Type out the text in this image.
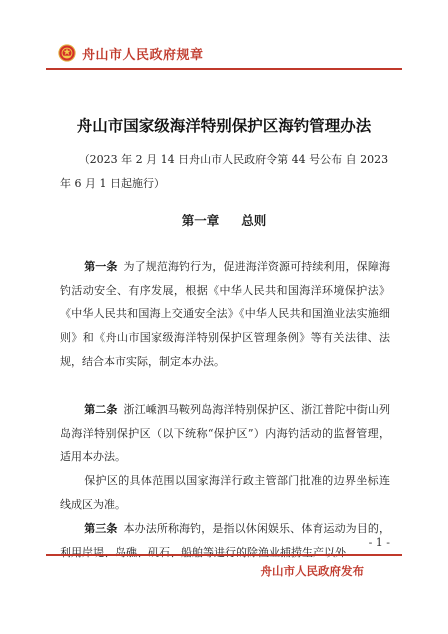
舟山市人民政府规章
舟山市国家级海洋特别保护区海钓管理办法
（2023 年 2 月 14 日舟山市人民政府令第 44 号公布 自 2023 年 6 月 1 日起施行）
第一章 总则
第一条 为了规范海钓行为，促进海洋资源可持续利用，保障海钓活动安全、有序发展，根据《中华人民共和国海洋环境保护法》《中华人民共和国海上交通安全法》《中华人民共和国渔业法实施细则》和《舟山市国家级海洋特别保护区管理条例》等有关法律、法规，结合本市实际，制定本办法。
第二条 浙江嵊泗马鞍列岛海洋特别保护区、浙江普陀中街山列岛海洋特别保护区（以下统称“保护区”）内海钓活动的监督管理，适用本办法。
保护区的具体范围以国家海洋行政主管部门批准的边界坐标连线成区为准。
第三条 本办法所称海钓，是指以休闲娱乐、体育运动为目的，利用岸堤、岛礁、矶石、船舶等进行的除渔业捕捞生产以外
- 1 -
舟山市人民政府发布
